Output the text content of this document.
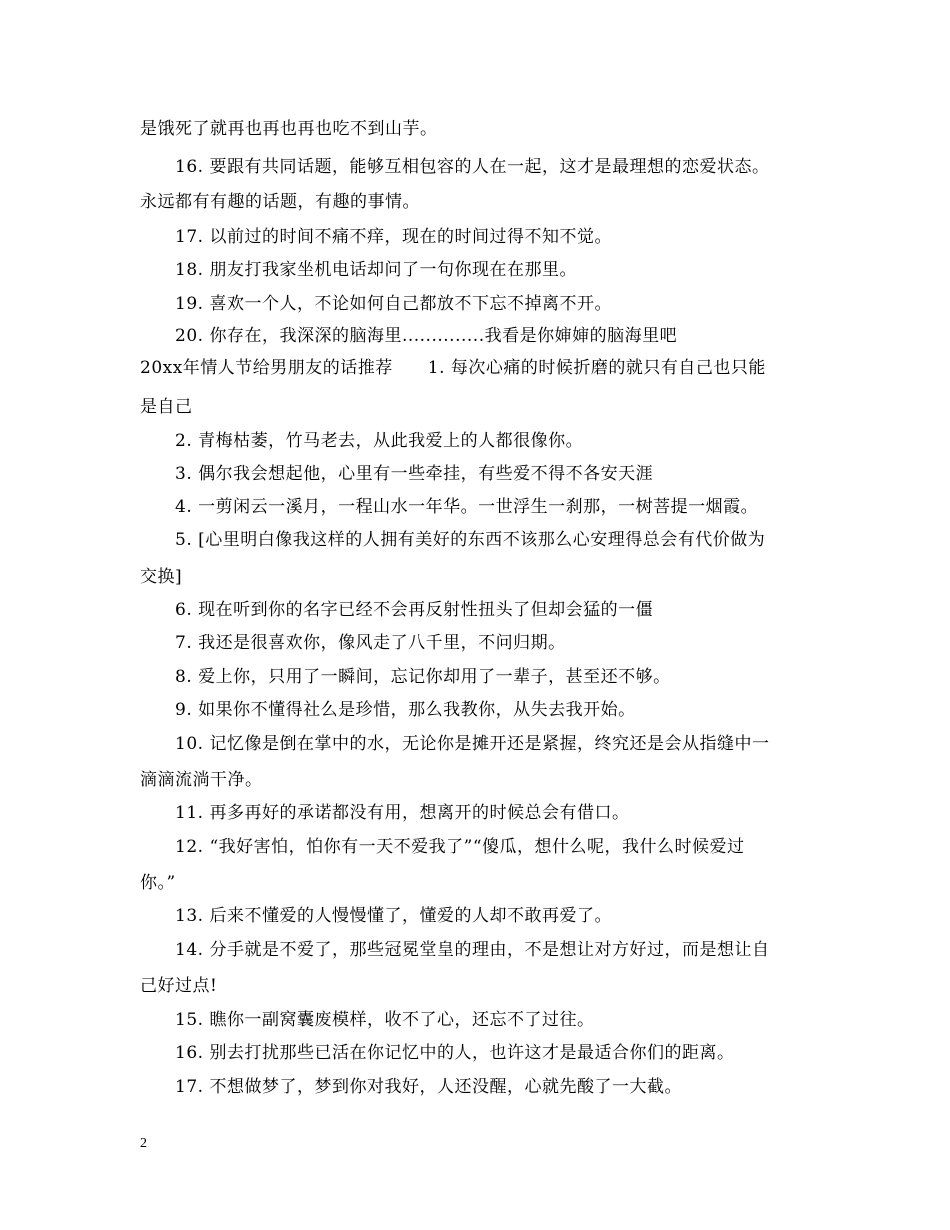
是饿死了就再也再也再也吃不到山芋。
16. 要跟有共同话题，能够互相包容的人在一起，这才是最理想的恋爱状态。
永远都有有趣的话题，有趣的事情。
17. 以前过的时间不痛不痒，现在的时间过得不知不觉。
18. 朋友打我家坐机电话却问了一句你现在在那里。
19. 喜欢一个人，不论如何自己都放不下忘不掉离不开。
20. 你存在，我深深的脑海里..............我看是你婶婶的脑海里吧
20xx年情人节给男朋友的话推荐　　1. 每次心痛的时候折磨的就只有自己也只能
是自己
2. 青梅枯萎，竹马老去，从此我爱上的人都很像你。
3. 偶尔我会想起他，心里有一些牵挂，有些爱不得不各安天涯
4. 一剪闲云一溪月，一程山水一年华。一世浮生一刹那，一树菩提一烟霞。
5. [心里明白像我这样的人拥有美好的东西不该那么心安理得总会有代价做为
交换]
6. 现在听到你的名字已经不会再反射性扭头了但却会猛的一僵
7. 我还是很喜欢你，像风走了八千里，不问归期。
8. 爱上你，只用了一瞬间，忘记你却用了一辈子，甚至还不够。
9. 如果你不懂得社么是珍惜，那么我教你，从失去我开始。
10. 记忆像是倒在掌中的水，无论你是摊开还是紧握，终究还是会从指缝中一
滴滴流淌干净。
11. 再多再好的承诺都没有用，想离开的时候总会有借口。
12. “我好害怕，怕你有一天不爱我了”“傻瓜，想什么呢，我什么时候爱过
你。”
13. 后来不懂爱的人慢慢懂了，懂爱的人却不敢再爱了。
14. 分手就是不爱了，那些冠冕堂皇的理由，不是想让对方好过，而是想让自
己好过点!
15. 瞧你一副窝囊废模样，收不了心，还忘不了过往。
16. 别去打扰那些已活在你记忆中的人，也许这才是最适合你们的距离。
17. 不想做梦了，梦到你对我好，人还没醒，心就先酸了一大截。
2
